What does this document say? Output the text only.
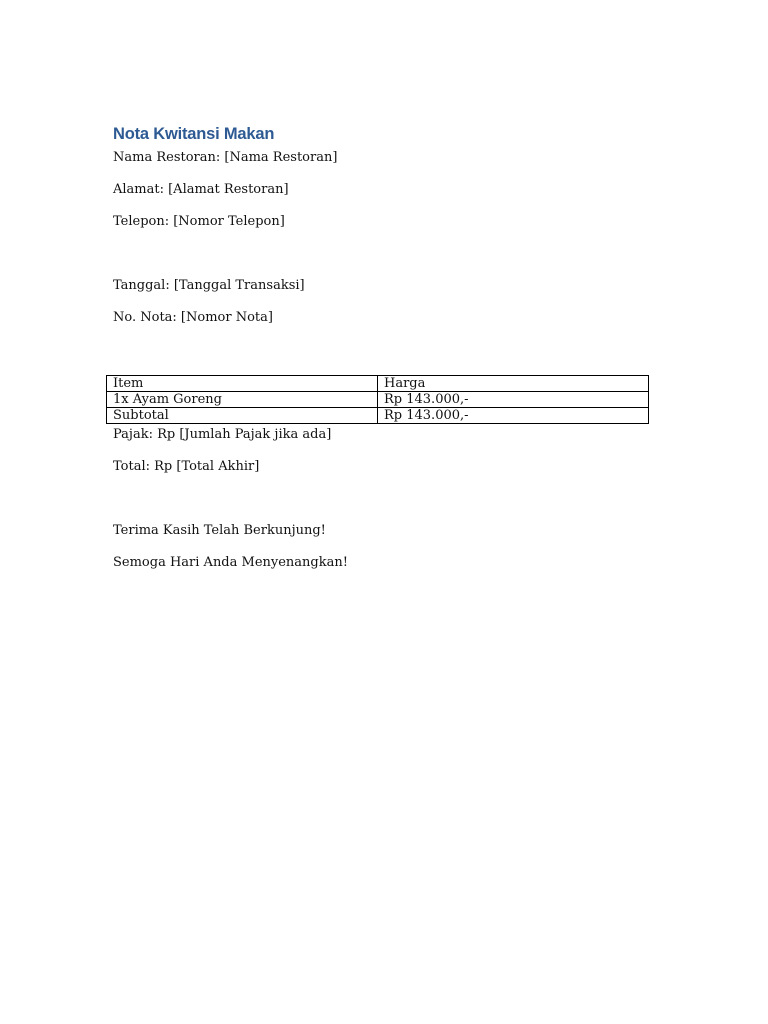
Nota Kwitansi Makan
Nama Restoran: [Nama Restoran]
Alamat: [Alamat Restoran]
Telepon: [Nomor Telepon]
Tanggal: [Tanggal Transaksi]
No. Nota: [Nomor Nota]
Item	Harga
1x Ayam Goreng	Rp 143.000,-
Subtotal	Rp 143.000,-
Pajak: Rp [Jumlah Pajak jika ada]
Total: Rp [Total Akhir]
Terima Kasih Telah Berkunjung!
Semoga Hari Anda Menyenangkan!
